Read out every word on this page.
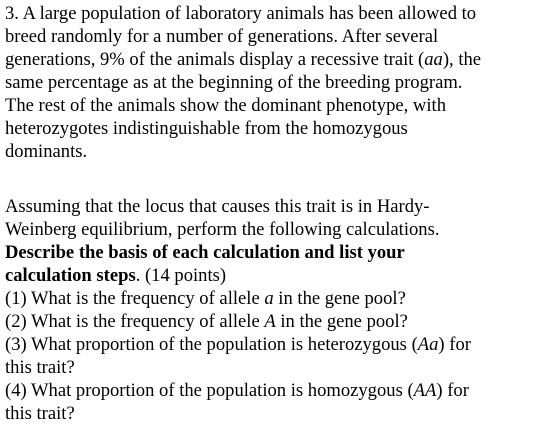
3. A large population of laboratory animals has been allowed to
breed randomly for a number of generations. After several
generations, 9% of the animals display a recessive trait (aa), the
same percentage as at the beginning of the breeding program.
The rest of the animals show the dominant phenotype, with
heterozygotes indistinguishable from the homozygous
dominants.
Assuming that the locus that causes this trait is in Hardy-
Weinberg equilibrium, perform the following calculations.
Describe the basis of each calculation and list your
calculation steps. (14 points)
(1) What is the frequency of allele a in the gene pool?
(2) What is the frequency of allele A in the gene pool?
(3) What proportion of the population is heterozygous (Aa) for
this trait?
(4) What proportion of the population is homozygous (AA) for
this trait?
